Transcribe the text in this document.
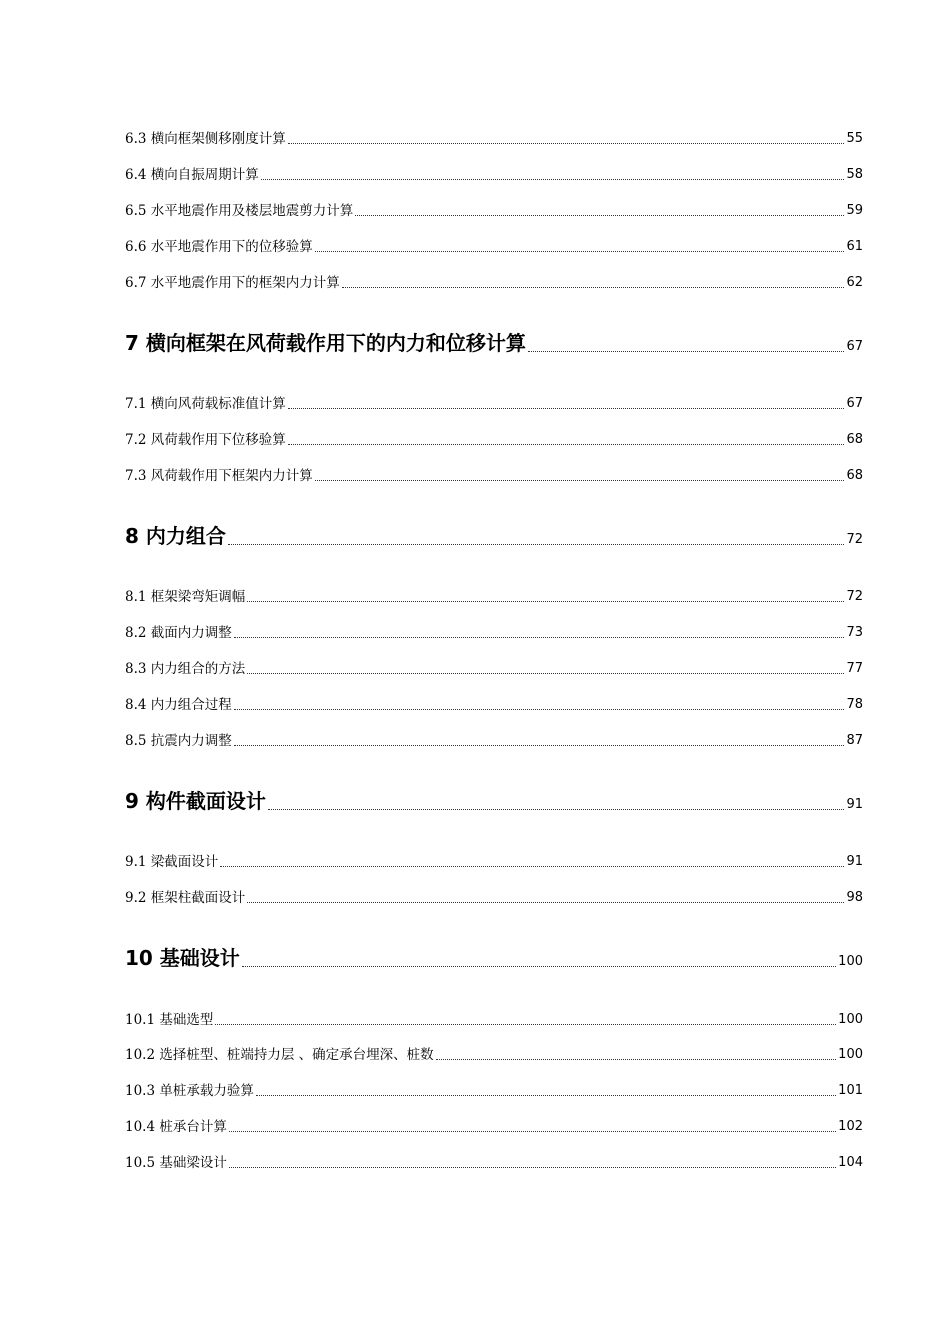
6.3 横向框架侧移刚度计算	55
6.4 横向自振周期计算	58
6.5 水平地震作用及楼层地震剪力计算	59
6.6 水平地震作用下的位移验算	61
6.7 水平地震作用下的框架内力计算	62
7 横向框架在风荷载作用下的内力和位移计算	67
7.1 横向风荷载标准值计算	67
7.2 风荷载作用下位移验算	68
7.3 风荷载作用下框架内力计算	68
8 内力组合	72
8.1 框架梁弯矩调幅	72
8.2 截面内力调整	73
8.3 内力组合的方法	77
8.4 内力组合过程	78
8.5 抗震内力调整	87
9 构件截面设计	91
9.1 梁截面设计	91
9.2 框架柱截面设计	98
10 基础设计	100
10.1 基础选型	100
10.2 选择桩型、桩端持力层 、确定承台埋深、桩数	100
10.3 单桩承载力验算	101
10.4 桩承台计算	102
10.5 基础梁设计	104
